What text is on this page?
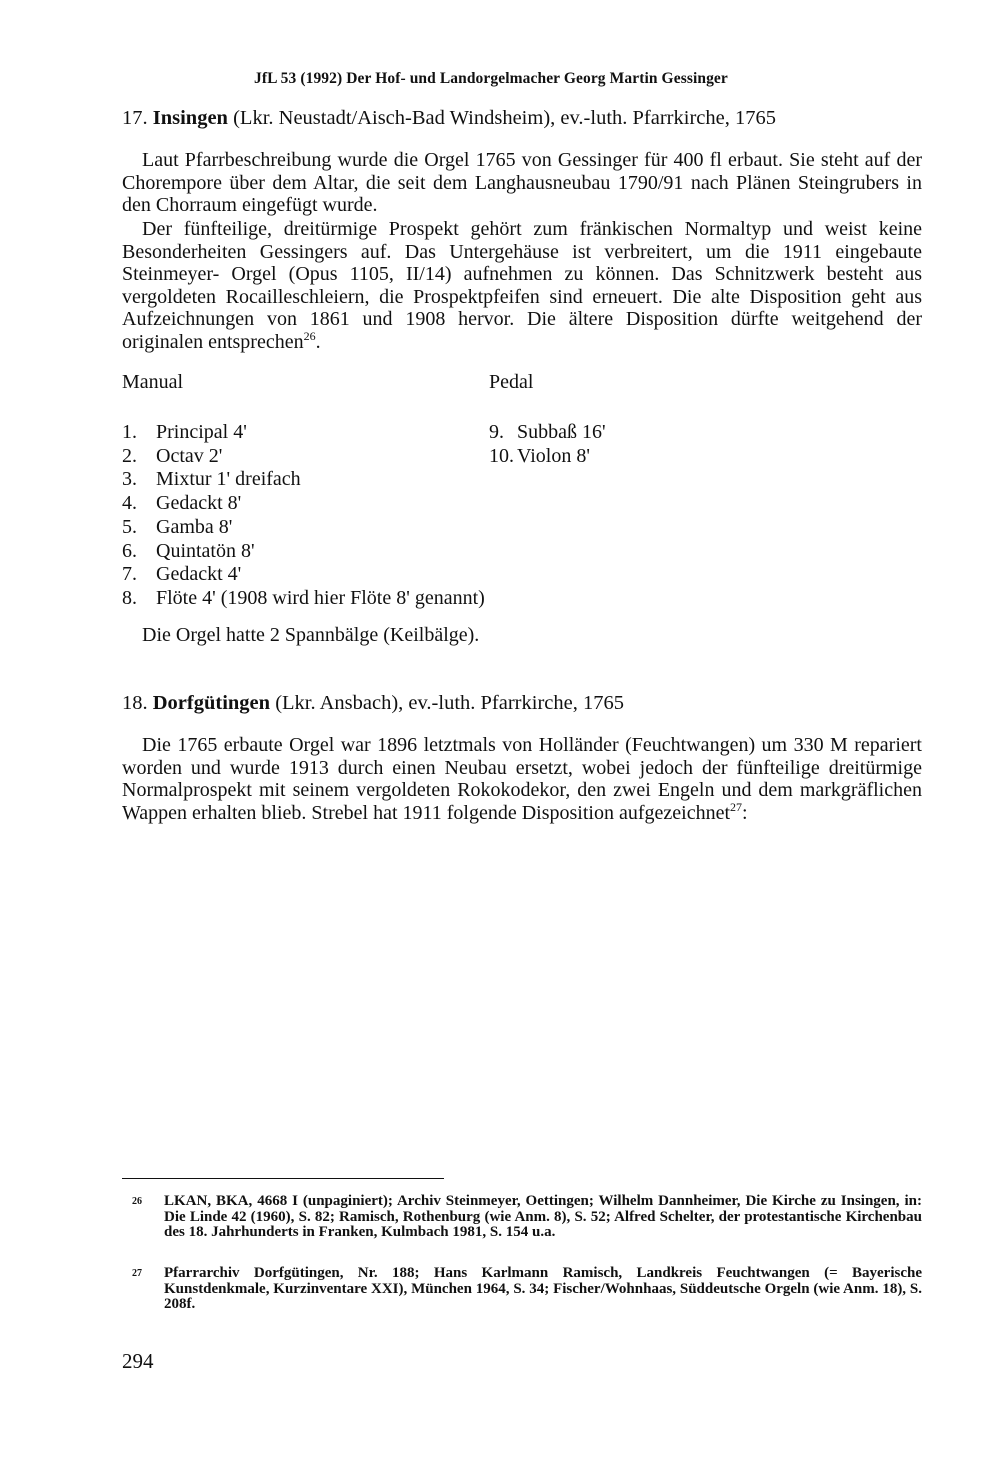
JfL 53 (1992) Der Hof- und Landorgelmacher Georg Martin Gessinger
17. Insingen (Lkr. Neustadt/Aisch-Bad Windsheim), ev.-luth. Pfarrkirche, 1765

Laut Pfarrbeschreibung wurde die Orgel 1765 von Gessinger für 400 fl erbaut. Sie steht auf der Chorempore über dem Altar, die seit dem Langhausneubau 1790/91 nach Plänen Steingrubers in den Chorraum eingefügt wurde.

Der fünfteilige, dreitürmige Prospekt gehört zum fränkischen Normaltyp und weist keine Besonderheiten Gessingers auf. Das Untergehäuse ist verbreitert, um die 1911 eingebaute Steinmeyer- Orgel (Opus 1105, II/14) aufnehmen zu können. Das Schnitzwerk besteht aus vergoldeten Rocailleschleiern, die Prospektpfeifen sind erneuert. Die alte Disposition geht aus Aufzeichnungen von 1861 und 1908 hervor. Die ältere Disposition dürfte weitgehend der originalen entsprechen$^{26}$.

Manual	Pedal
1. Principal 4'
2. Octav 2'
3. Mixtur 1' dreifach
4. Gedackt 8'
5. Gamba 8'
6. Quintatön 8'
7. Gedackt 4'
8. Flöte 4' (1908 wird hier Flöte 8' genannt)
9. Subbaß 16'
10. Violon 8'
Die Orgel hatte 2 Spannbälge (Keilbälge).
18. Dorfgütingen (Lkr. Ansbach), ev.-luth. Pfarrkirche, 1765

Die 1765 erbaute Orgel war 1896 letztmals von Holländer (Feuchtwangen) um 330 M repariert worden und wurde 1913 durch einen Neubau ersetzt, wobei jedoch der fünfteilige dreitürmige Normalprospekt mit seinem vergoldeten Rokokodekor, den zwei Engeln und dem markgräflichen Wappen erhalten blieb. Strebel hat 1911 folgende Disposition aufgezeichnet$^{27}$:

26 LKAN, BKA, 4668 I (unpaginiert); Archiv Steinmeyer, Oettingen; Wilhelm Dannheimer, Die Kirche zu Insingen, in: Die Linde 42 (1960), S. 82; Ramisch, Rothenburg (wie Anm. 8), S. 52; Alfred Schelter, der protestantische Kirchenbau des 18. Jahrhunderts in Franken, Kulmbach 1981, S. 154 u.a.
27 Pfarrarchiv Dorfgütingen, Nr. 188; Hans Karlmann Ramisch, Landkreis Feuchtwangen (= Bayerische Kunstdenkmale, Kurzinventare XXI), München 1964, S. 34; Fischer/Wohnhaas, Süddeutsche Orgeln (wie Anm. 18), S. 208f.
294
